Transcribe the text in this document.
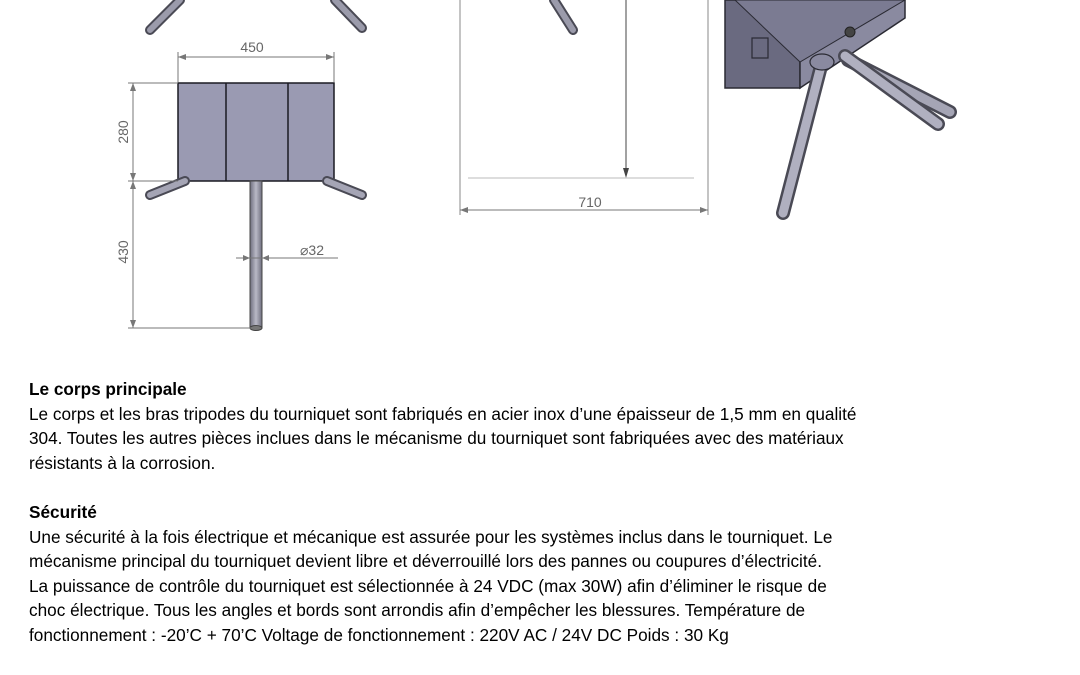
450
280
430	⌀32
710
Le corps principale
Le corps et les bras tripodes du tourniquet sont fabriqués en acier inox d’une épaisseur de 1,5 mm en qualité
304. Toutes les autres pièces inclues dans le mécanisme du tourniquet sont fabriquées avec des matériaux
résistants à la corrosion.
Sécurité
Une sécurité à la fois électrique et mécanique est assurée pour les systèmes inclus dans le tourniquet. Le
mécanisme principal du tourniquet devient libre et déverrouillé lors des pannes ou coupures d’électricité.
La puissance de contrôle du tourniquet est sélectionnée à 24 VDC (max 30W) afin d’éliminer le risque de
choc électrique. Tous les angles et bords sont arrondis afin d’empêcher les blessures. Température de
fonctionnement : -20’C + 70’C Voltage de fonctionnement : 220V AC / 24V DC Poids : 30 Kg
